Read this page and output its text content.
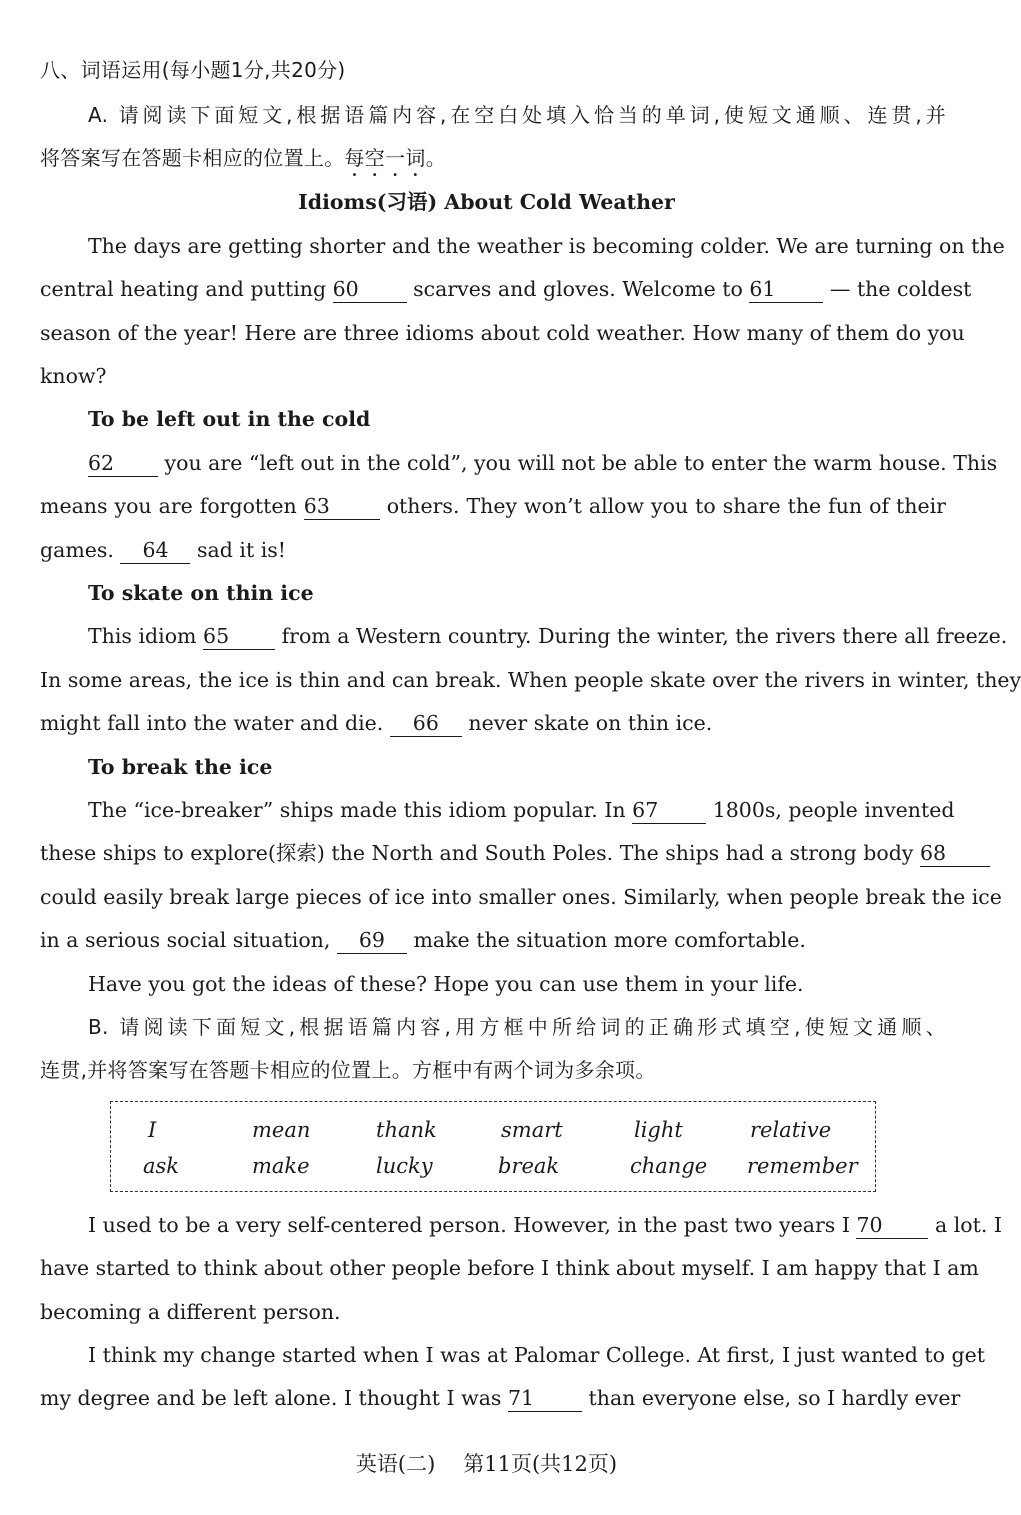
八、词语运用(每小题1分,共20分)
A. 请阅读下面短文,根据语篇内容,在空白处填入恰当的单词,使短文通顺、连贯,并
将答案写在答题卡相应的位置上。每空一词。
Idioms(习语) About Cold Weather
The days are getting shorter and the weather is becoming colder. We are turning on the
central heating and putting 60	scarves and gloves. Welcome to 61	— the coldest
season of the year! Here are three idioms about cold weather. How many of them do you
know?
To be left out in the cold
62 you are “left out in the cold”, you will not be able to enter the warm house. This
means you are forgotten 63	others. They won’t allow you to share the fun of their
games. 64 sad it is!
To skate on thin ice
This idiom 65	from a Western country. During the winter, the rivers there all freeze.
In some areas, the ice is thin and can break. When people skate over the rivers in winter, they
might fall into the water and die. 66 never skate on thin ice.
To break the ice
The “ice-breaker” ships made this idiom popular. In 67	1800s, people invented
these ships to explore(探索) the North and South Poles. The ships had a strong body 68
could easily break large pieces of ice into smaller ones. Similarly, when people break the ice
in a serious social situation, 69 make the situation more comfortable.
Have you got the ideas of these? Hope you can use them in your life.
B. 请阅读下面短文,根据语篇内容,用方框中所给词的正确形式填空,使短文通顺、
连贯,并将答案写在答题卡相应的位置上。方框中有两个词为多余项。
I	mean	thank	smart	light	relative
ask	make	lucky	break	change remember
I used to be a very self-centered person. However, in the past two years I 70	a lot. I
have started to think about other people before I think about myself. I am happy that I am
becoming a different person.
I think my change started when I was at Palomar College. At first, I just wanted to get
my degree and be left alone. I thought I was 71	than everyone else, so I hardly ever
英语(二) 第11页(共12页)
